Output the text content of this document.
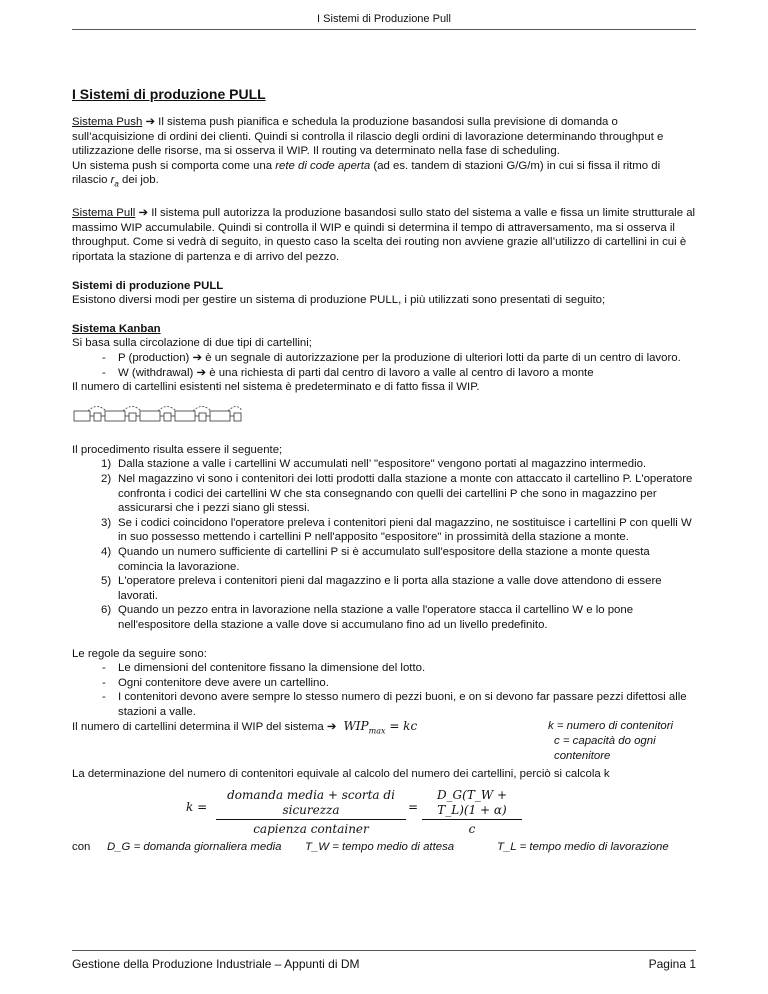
I Sistemi di Produzione Pull
I Sistemi di produzione PULL

Sistema Push ➔ Il sistema push pianifica e schedula la produzione basandosi sulla previsione di domanda o sull’acquisizione di ordini dei clienti. Quindi si controlla il rilascio degli ordini di lavorazione determinando throughput e utilizzazione delle risorse, ma si osserva il WIP. Il routing va determinato nella fase di scheduling.
Un sistema push si comporta come una rete di code aperta (ad es. tandem di stazioni G/G/m) in cui si fissa il ritmo di rilascio $r_a$ dei job.

Sistema Pull ➔ Il sistema pull autorizza la produzione basandosi sullo stato del sistema a valle e fissa un limite strutturale al massimo WIP accumulabile. Quindi si controlla il WIP e quindi si determina il tempo di attraversamento, ma si osserva il throughput. Come si vedrà di seguito, in questo caso la scelta dei routing non avviene grazie all’utilizzo di cartellini in cui è riportata la stazione di partenza e di arrivo del pezzo.

Sistemi di produzione PULL
Esistono diversi modi per gestire un sistema di produzione PULL, i più utilizzati sono presentati di seguito;

Sistema Kanban
Si basa sulla circolazione di due tipi di cartellini;
- P (production) ➔ è un segnale di autorizzazione per la produzione di ulteriori lotti da parte di un centro di lavoro.
- W (withdrawal) ➔ è una richiesta di parti dal centro di lavoro a valle al centro di lavoro a monte
Il numero di cartellini esistenti nel sistema è predeterminato e di fatto fissa il WIP.

Il procedimento risulta essere il seguente;

1) Dalla stazione a valle i cartellini W accumulati nell’ "espositore" vengono portati al magazzino intermedio.
2) Nel magazzino vi sono i contenitori dei lotti prodotti dalla stazione a monte con attaccato il cartellino P. L'operatore confronta i codici dei cartellini W che sta consegnando con quelli dei cartellini P che sono in magazzino per assicurarsi che i pezzi siano gli stessi.
3) Se i codici coincidono l'operatore preleva i contenitori pieni dal magazzino, ne sostituisce i cartellini P con quelli W in suo possesso mettendo i cartellini P nell'apposito "espositore" in prossimità della stazione a monte.
4) Quando un numero sufficiente di cartellini P si è accumulato sull'espositore della stazione a monte questa comincia la lavorazione.
5) L'operatore preleva i contenitori pieni dal magazzino e li porta alla stazione a valle dove attendono di essere lavorati.
6) Quando un pezzo entra in lavorazione nella stazione a valle l'operatore stacca il cartellino W e lo pone nell'espositore della stazione a valle dove si accumulano fino ad un livello predefinito.
Le regole da seguire sono:
- Le dimensioni del contenitore fissano la dimensione del lotto.
- Ogni contenitore deve avere un cartellino.
- I contenitori devono avere sempre lo stesso numero di pezzi buoni, e on si devono far passare pezzi difettosi alle stazioni a valle.
Il numero di cartellini determina il WIP del sistema ➔ $WIP_{max}$ = kc	k = numero di contenitori
c = capacità do ogni contenitore
La determinazione del numero di contenitori equivale al calcolo del numero dei cartellini, perciò si calcola k
k =
domanda media + scorta di sicurezza
capienza container
= $\frac{D\_G(T\_W + T\_L)(1 + \alpha)}{c}$
con D_G = domanda giornaliera media T_W = tempo medio di attesa	T_L = tempo medio di lavorazione
Gestione della Produzione Industriale – Appunti di DM	Pagina 1
